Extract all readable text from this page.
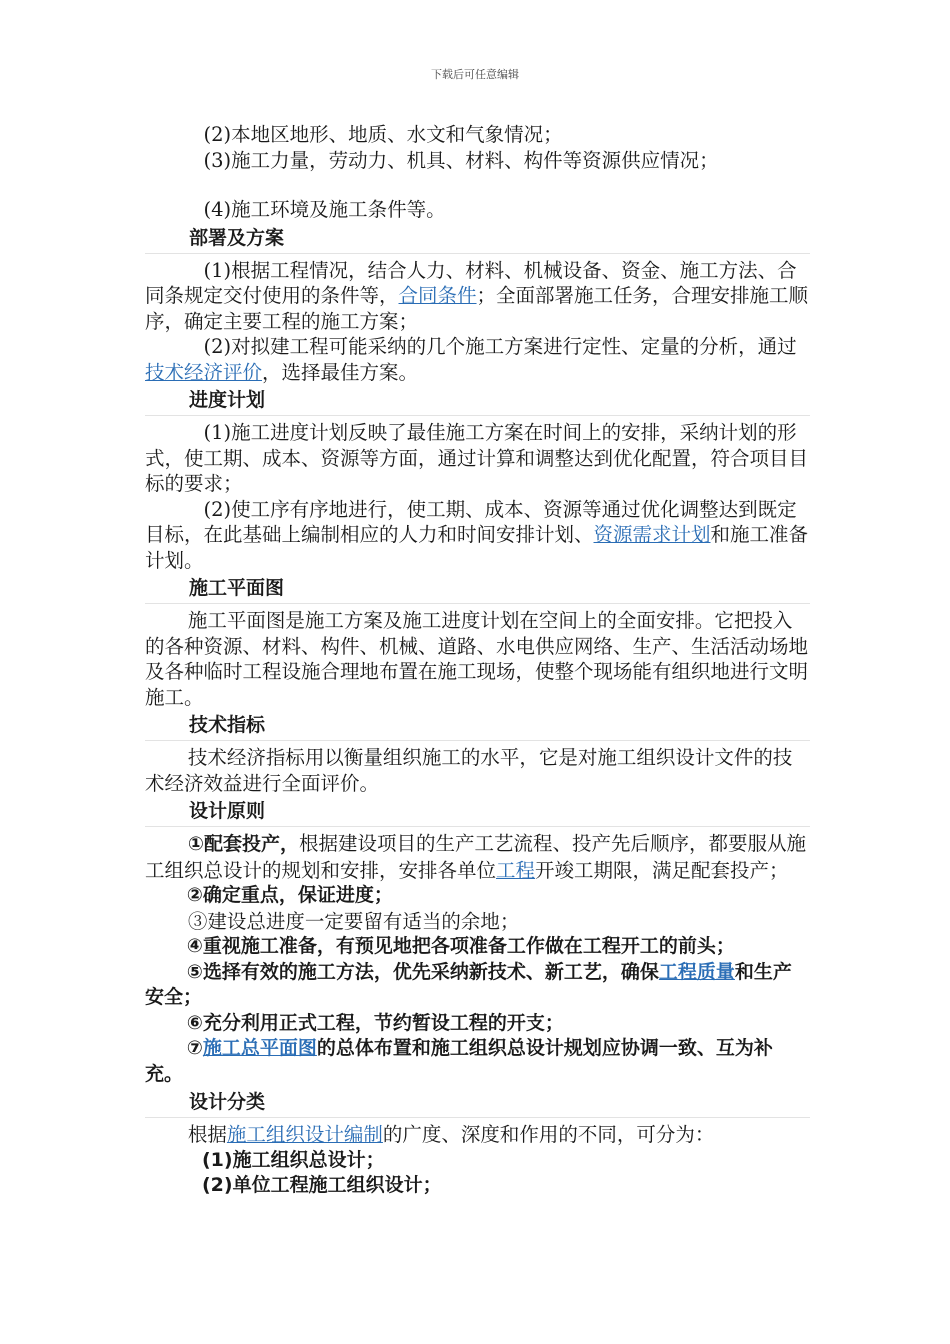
下载后可任意编辑

(2)本地区地形、地质、水文和气象情况；

(3)施工力量，劳动力、机具、材料、构件等资源供应情况；

(4)施工环境及施工条件等。

部署及方案

(1)根据工程情况，结合人力、材料、机械设备、资金、施工方法、合同条规定交付使用的条件等，合同条件；全面部署施工任务，合理安排施工顺序，确定主要工程的施工方案；

(2)对拟建工程可能采纳的几个施工方案进行定性、定量的分析，通过技术经济评价，选择最佳方案。

进度计划

(1)施工进度计划反映了最佳施工方案在时间上的安排，采纳计划的形式，使工期、成本、资源等方面，通过计算和调整达到优化配置，符合项目目标的要求；

(2)使工序有序地进行，使工期、成本、资源等通过优化调整达到既定目标，在此基础上编制相应的人力和时间安排计划、资源需求计划和施工准备计划。

施工平面图

施工平面图是施工方案及施工进度计划在空间上的全面安排。它把投入的各种资源、材料、构件、机械、道路、水电供应网络、生产、生活活动场地及各种临时工程设施合理地布置在施工现场，使整个现场能有组织地进行文明施工。

技术指标

技术经济指标用以衡量组织施工的水平，它是对施工组织设计文件的技术经济效益进行全面评价。

设计原则

①配套投产，根据建设项目的生产工艺流程、投产先后顺序，都要服从施工组织总设计的规划和安排，安排各单位工程开竣工期限，满足配套投产；

②确定重点，保证进度；

③建设总进度一定要留有适当的余地；

④重视施工准备，有预见地把各项准备工作做在工程开工的前头；

⑤选择有效的施工方法，优先采纳新技术、新工艺，确保工程质量和生产安全；

⑥充分利用正式工程，节约暂设工程的开支；

⑦施工总平面图的总体布置和施工组织总设计规划应协调一致、互为补充。

设计分类

根据施工组织设计编制的广度、深度和作用的不同，可分为：

(1)施工组织总设计；

(2)单位工程施工组织设计；
